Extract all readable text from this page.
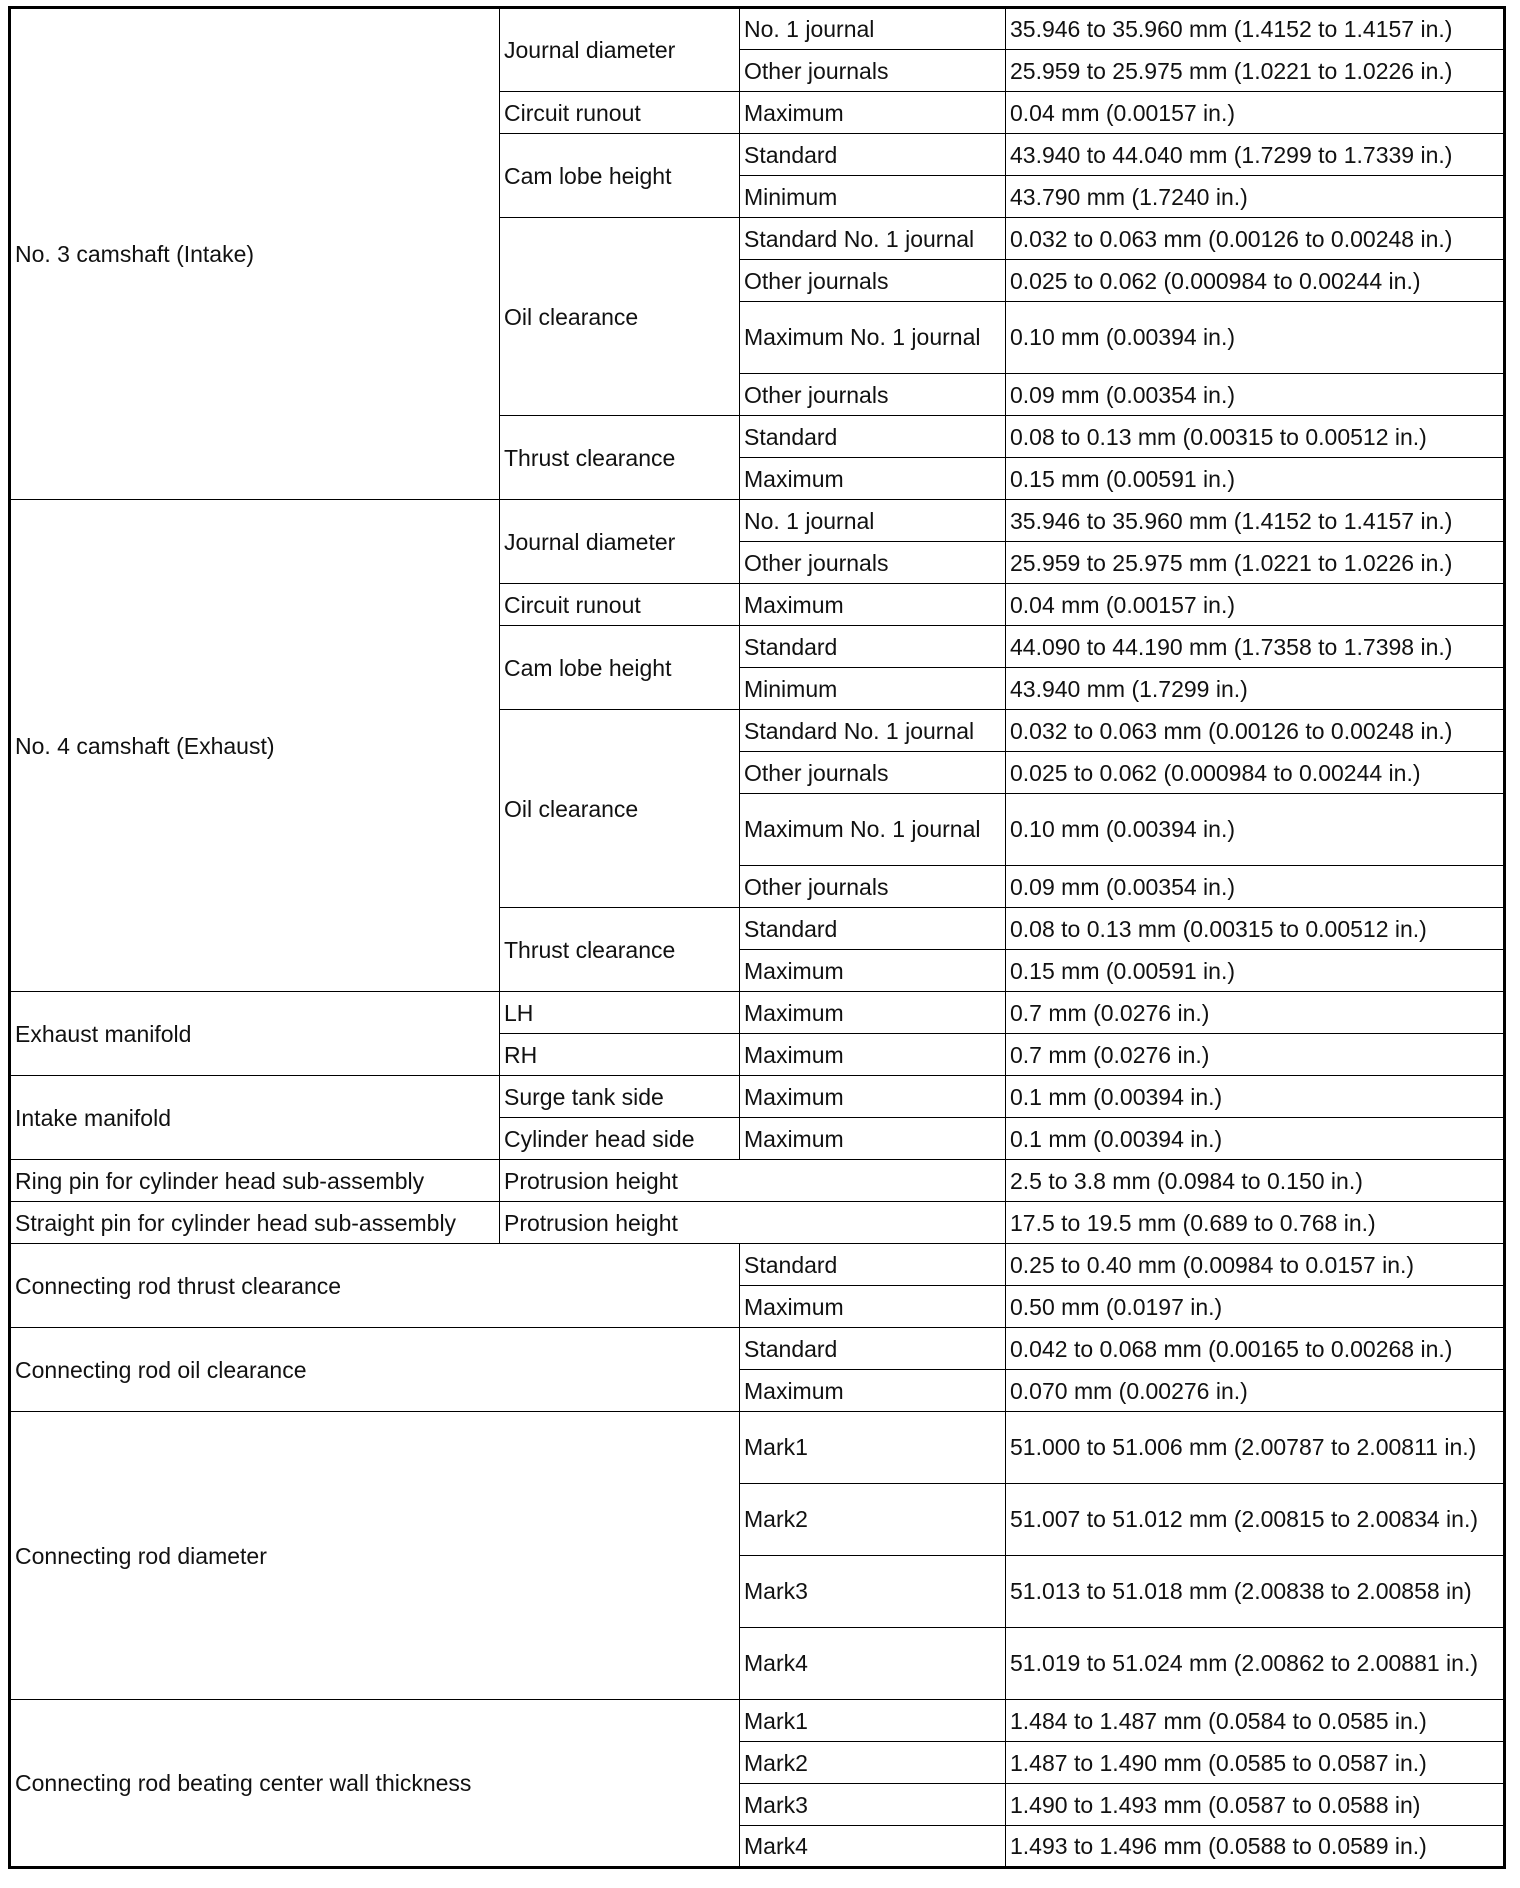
No. 3 camshaft (Intake)	Journal diameter	No. 1 journal	35.946 to 35.960 mm (1.4152 to 1.4157 in.)
		Other journals	25.959 to 25.975 mm (1.0221 to 1.0226 in.)
	Circuit runout	Maximum	0.04 mm (0.00157 in.)
	Cam lobe height	Standard	43.940 to 44.040 mm (1.7299 to 1.7339 in.)
		Minimum	43.790 mm (1.7240 in.)
	Oil clearance	Standard No. 1 journal	0.032 to 0.063 mm (0.00126 to 0.00248 in.)
		Other journals	0.025 to 0.062 (0.000984 to 0.00244 in.)
		Maximum No. 1 journal	0.10 mm (0.00394 in.)
		Other journals	0.09 mm (0.00354 in.)
	Thrust clearance	Standard	0.08 to 0.13 mm (0.00315 to 0.00512 in.)
		Maximum	0.15 mm (0.00591 in.)
No. 4 camshaft (Exhaust)	Journal diameter	No. 1 journal	35.946 to 35.960 mm (1.4152 to 1.4157 in.)
		Other journals	25.959 to 25.975 mm (1.0221 to 1.0226 in.)
	Circuit runout	Maximum	0.04 mm (0.00157 in.)
	Cam lobe height	Standard	44.090 to 44.190 mm (1.7358 to 1.7398 in.)
		Minimum	43.940 mm (1.7299 in.)
	Oil clearance	Standard No. 1 journal	0.032 to 0.063 mm (0.00126 to 0.00248 in.)
		Other journals	0.025 to 0.062 (0.000984 to 0.00244 in.)
		Maximum No. 1 journal	0.10 mm (0.00394 in.)
		Other journals	0.09 mm (0.00354 in.)
	Thrust clearance	Standard	0.08 to 0.13 mm (0.00315 to 0.00512 in.)
		Maximum	0.15 mm (0.00591 in.)
Exhaust manifold	LH	Maximum	0.7 mm (0.0276 in.)
	RH	Maximum	0.7 mm (0.0276 in.)
Intake manifold	Surge tank side	Maximum	0.1 mm (0.00394 in.)
	Cylinder head side	Maximum	0.1 mm (0.00394 in.)
Ring pin for cylinder head sub-assembly	Protrusion height		2.5 to 3.8 mm (0.0984 to 0.150 in.)
Straight pin for cylinder head sub-assembly	Protrusion height		17.5 to 19.5 mm (0.689 to 0.768 in.)
Connecting rod thrust clearance		Standard	0.25 to 0.40 mm (0.00984 to 0.0157 in.)
		Maximum	0.50 mm (0.0197 in.)
Connecting rod oil clearance		Standard	0.042 to 0.068 mm (0.00165 to 0.00268 in.)
		Maximum	0.070 mm (0.00276 in.)
Connecting rod diameter		Mark1	51.000 to 51.006 mm (2.00787 to 2.00811 in.)
		Mark2	51.007 to 51.012 mm (2.00815 to 2.00834 in.)
		Mark3	51.013 to 51.018 mm (2.00838 to 2.00858 in)
		Mark4	51.019 to 51.024 mm (2.00862 to 2.00881 in.)
Connecting rod beating center wall thickness		Mark1	1.484 to 1.487 mm (0.0584 to 0.0585 in.)
		Mark2	1.487 to 1.490 mm (0.0585 to 0.0587 in.)
		Mark3	1.490 to 1.493 mm (0.0587 to 0.0588 in)
		Mark4	1.493 to 1.496 mm (0.0588 to 0.0589 in.)
